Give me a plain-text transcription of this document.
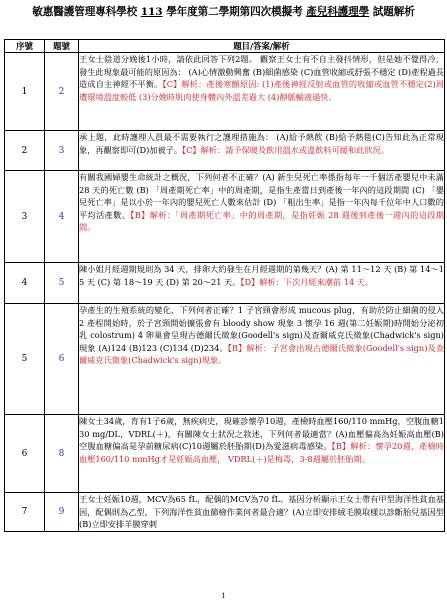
敏惠醫護管理專科學校 113 學年度第二學期第四次模擬考 產兒科護理學 試題解析
序號	題號	題目/答案/解析
1	2	王女士陰道分娩後1小時，請依此回答下列2題。 觀察王女士有不自主發抖情形，但是她不覺得冷，發生此現象最可能的原因為： (A)心情激動興奮 (B)細菌感染 (C)血管收縮或舒張不穩定 (D)產程過長造成自主神經不平衡。【C】解析：產後寒顫原因: (1)產後神經反射或血管的收縮或血管不穩定(2)周遭環境溫度較低 (3)分娩時肌肉使身體內外溫差過大 (4)靜脈輸液過快。
2	3	承上題，此時護理人員最不需要執行之護理措施為： (A)給予熱飲 (B)給予熱毯(C)告知此為正常現象，再觀察即可(D)加被子。【C】解析：請予保暖及飲用溫水或溫飲料可緩和此狀況。
3	4	有關我國婦嬰生命統計之概況，下列何者不正確？(A) 新生兒死亡率係指每年一千個活產嬰兒中未滿 28 天的死亡數 (B) 「周產期死亡率」中的周產期，是指生產當日到產後一年內的這段期間 (C) 「嬰兒死亡率」是以小於一年內的嬰兒死亡人數來估計 (D) 「粗出生率」是指一年內每千位年中人口數的平均活產數。【B】解析：「周產期死亡率」中的周產期，是指妊娠 28 週後到產後一週內的這段期間。
4	5	陳小姐月經週期規則為 34 天，排卵大約發生在月經週期的第幾天？(A) 第 11～12 天 (B) 第 14～15 天 (C) 第 18～19 天 (D) 第 20～21 天。【D】解析：下次月經來潮前 14 天。
5	6	孕產生的生殖系統的變化，下列何者正確？1 子宮頸會形成 mucous plug，有助於防止細菌的侵入 2 產程開始時，於子宮頸開始擴張會有 bloody show 現象 3 懷孕 16 週(第二妊娠期)時開始分泌初乳 colostrum) 4 卵巢會呈現古德爾氏徵象(Goodell's sign)及查爾威克氏徵象(Chadwick's sign)現象 (A)124 (B)123 (C)134 (D)234。【B】解析：子宮會出現古德爾氏徵象(Goodell's sign)及查爾威克氏徵象(Chadwick's sign)現象。
6	8	陳女士34歲，育有1子6歲，無疾病史，現確診懷孕10週，產檢時血壓160/110 mmHg，空腹血糖130 mg/DL，VDRL(＋)，有關陳女士狀況之敘述，下列何者最適當？(A)血壓偏高為妊娠高血壓(B)空腹血糖偏高是孕前糖尿病(C)10週屬於胚胎期(D)為愛滋病毒感染。【B】解析：懷孕20週，產檢時血壓160/110 mmHg才是妊娠高血壓， VDRL(＋)是梅毒，3-8週屬於胚胎期。
7	9	王女士妊娠10週，MCV為65 fL，配偶的MCV為70 fL。基因分析顯示王女士帶有甲型海洋性貧血基因，配偶則為乙型，下列海洋性貧血篩檢作業何者最合適？(A)立即安排絨毛膜取樣以診斷胎兒基因型(B)立即安排羊膜穿刺
1
